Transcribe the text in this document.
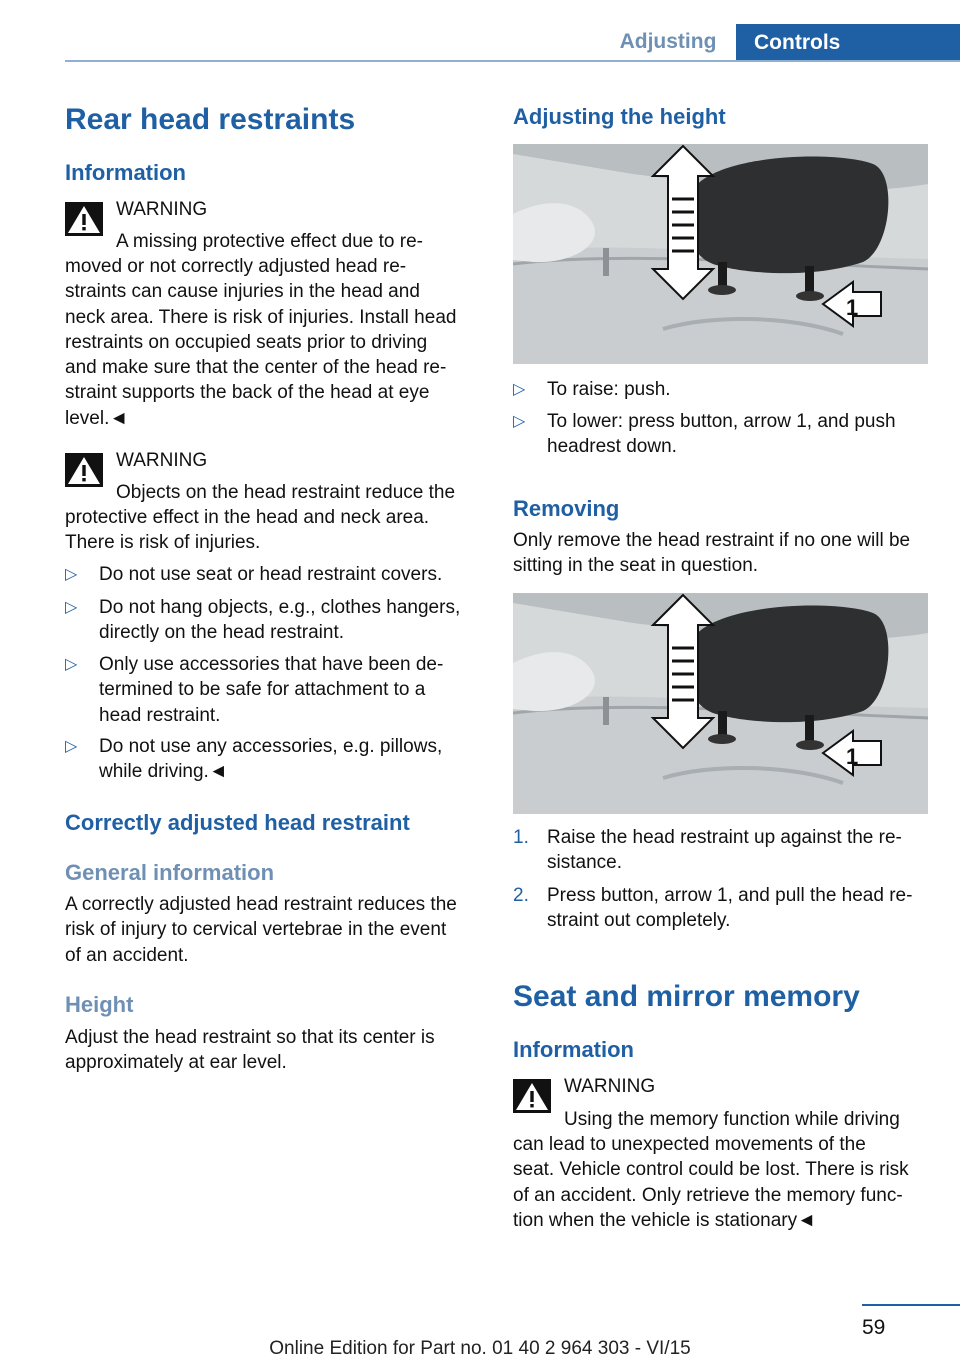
Adjusting	Controls
Rear head restraints
Information
WARNING
A missing protective effect due to re-
moved or not correctly adjusted head re-
straints can cause injuries in the head and
neck area. There is risk of injuries. Install head
restraints on occupied seats prior to driving
and make sure that the center of the head re-
straint supports the back of the head at eye
level.◄
WARNING
Objects on the head restraint reduce the
protective effect in the head and neck area.
There is risk of injuries.
▷ Do not use seat or head restraint covers.
▷ Do not hang objects, e.g., clothes hangers,
directly on the head restraint.
▷ Only use accessories that have been de-
termined to be safe for attachment to a
head restraint.
▷ Do not use any accessories, e.g. pillows,
while driving.◄
Correctly adjusted head restraint
General information
A correctly adjusted head restraint reduces the
risk of injury to cervical vertebrae in the event
of an accident.
Height
Adjust the head restraint so that its center is
approximately at ear level.
Adjusting the height
1
▷ To raise: push.
▷ To lower: press button, arrow 1, and push
headrest down.
Removing
Only remove the head restraint if no one will be
sitting in the seat in question.
1
1. Raise the head restraint up against the re-
sistance.
2. Press button, arrow 1, and pull the head re-
straint out completely.
Seat and mirror memory
Information
WARNING
Using the memory function while driving
can lead to unexpected movements of the
seat. Vehicle control could be lost. There is risk
of an accident. Only retrieve the memory func-
tion when the vehicle is stationary◄
59
Online Edition for Part no. 01 40 2 964 303 - VI/15
